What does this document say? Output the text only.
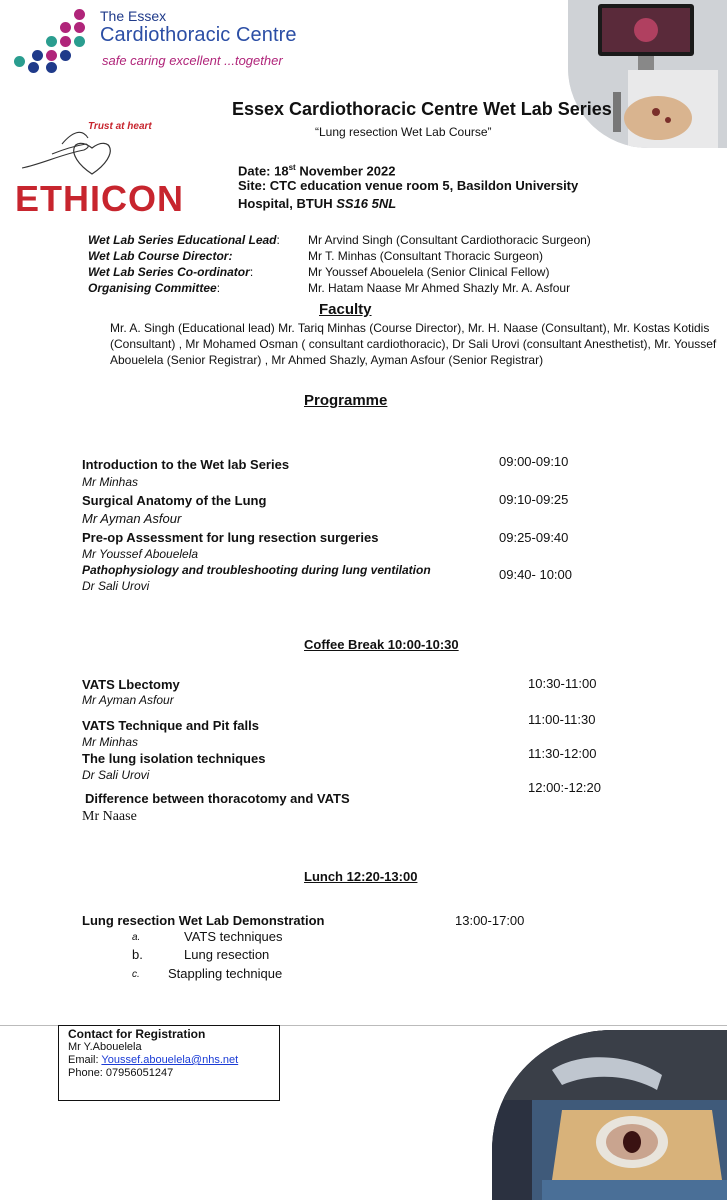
The Essex
Cardiothoracic Centre
safe caring excellent ...together
Essex Cardiothoracic Centre Wet Lab Series
“Lung resection Wet Lab Course”
Trust at heart
ETHICON
Date: 18st November 2022
Site: CTC education venue room 5, Basildon University
Hospital, BTUH SS16 5NL
Wet Lab Series Educational Lead: Mr Arvind Singh (Consultant Cardiothoracic Surgeon)
Wet Lab Course Director:	Mr T. Minhas (Consultant Thoracic Surgeon)
Wet Lab Series Co-ordinator:	Mr Youssef Abouelela (Senior Clinical Fellow)
Organising Committee:	Mr. Hatam Naase Mr Ahmed Shazly Mr. A. Asfour
Faculty
Mr. A. Singh (Educational lead) Mr. Tariq Minhas (Course Director), Mr. H. Naase (Consultant), Mr. Kostas Kotidis (Consultant) , Mr Mohamed Osman ( consultant cardiothoracic), Dr Sali Urovi (consultant Anesthetist), Mr. Youssef Abouelela (Senior Registrar) , Mr Ahmed Shazly, Ayman Asfour (Senior Registrar)
Programme
Introduction to the Wet lab Series
Mr Minhas
09:00-09:10
Surgical Anatomy of the Lung
Mr Ayman Asfour
09:10-09:25
Pre-op Assessment for lung resection surgeries
Mr Youssef Abouelela
09:25-09:40
Pathophysiology and troubleshooting during lung ventilation
Dr Sali Urovi
09:40- 10:00
Coffee Break 10:00-10:30
VATS Lbectomy
Mr Ayman Asfour
10:30-11:00
VATS Technique and Pit falls
Mr Minhas
11:00-11:30
The lung isolation techniques
Dr Sali Urovi
11:30-12:00
Difference between thoracotomy and VATS
Mr Naase
12:00:-12:20
Lunch 12:20-13:00
Lung resection Wet Lab Demonstration	13:00-17:00
a.	VATS techniques
b.	Lung resection
c. Stappling technique
Contact for Registration
Mr Y.Abouelela
Email: Youssef.abouelela@nhs.net
Phone: 07956051247
